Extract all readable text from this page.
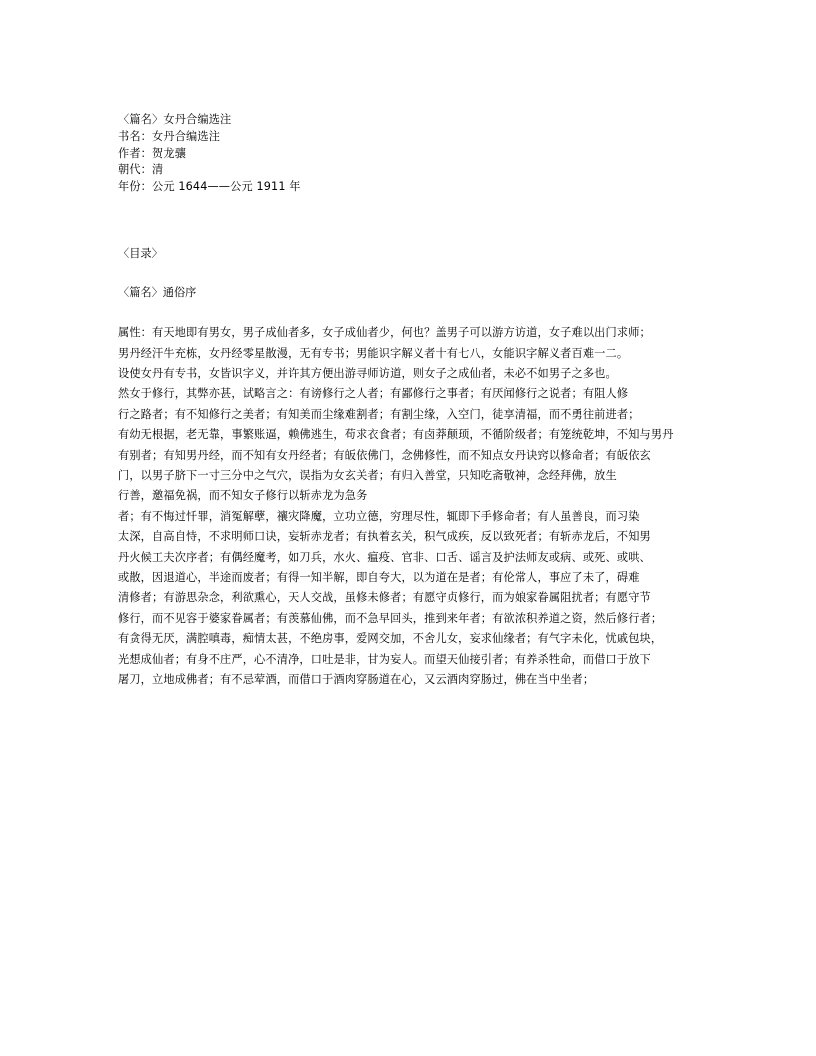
〈篇名〉女丹合编选注
书名：女丹合编选注
作者：贺龙骧
朝代：清
年份：公元 1644——公元 1911 年
〈目录〉
〈篇名〉通俗序
属性：有天地即有男女，男子成仙者多，女子成仙者少，何也？盖男子可以游方访道，女子难以出门求师；
男丹经汗牛充栋，女丹经零星散漫，无有专书；男能识字解义者十有七八，女能识字解义者百难一二。
设使女丹有专书，女皆识字义，并许其方便出游寻师访道，则女子之成仙者，未必不如男子之多也。
然女于修行，其弊亦甚，试略言之：有谤修行之人者；有鄙修行之事者；有厌闻修行之说者；有阻人修
行之路者；有不知修行之美者；有知美而尘缘难割者；有割尘缘，入空门，徒享清福，而不勇往前进者；
有幼无根据，老无靠，事繁账逼，赖佛逃生，苟求衣食者；有卤莽颠顼，不循阶级者；有笼统乾坤，不知与男丹
有别者；有知男丹经，而不知有女丹经者；有皈依佛门，念佛修性，而不知点女丹诀窍以修命者；有皈依玄
门，以男子脐下一寸三分中之气穴，误指为女玄关者；有归入善堂，只知吃斋敬神，念经拜佛，放生
行善，邀福免祸，而不知女子修行以斩赤龙为急务
者；有不悔过忏罪，消冤解孽，禳灾降魔，立功立德，穷理尽性，辄即下手修命者；有人虽善良，而习染
太深，自高自恃，不求明师口诀，妄斩赤龙者；有执着玄关，积气成疾，反以致死者；有斩赤龙后，不知男
丹火候工夫次序者；有偶经魔考，如刀兵，水火、瘟疫、官非、口舌、谣言及护法师友或病、或死、或哄、
或散，因退道心，半途而废者；有得一知半解，即自夸大，以为道在是者；有伦常人，事应了未了，碍难
清修者；有游思杂念，利欲熏心，天人交战，虽修未修者；有愿守贞修行，而为娘家眷属阻扰者；有愿守节
修行，而不见容于婆家眷属者；有羡慕仙佛，而不急早回头，推到来年者；有欲浓积养道之资，然后修行者；
有贪得无厌，满腔嗔毒，痴情太甚，不绝房事，爱网交加，不舍儿女，妄求仙缘者；有气字未化，忧戚包块，
光想成仙者；有身不庄严，心不清净，口吐是非，甘为妄人。而望天仙接引者；有养杀牲命，而借口于放下
屠刀，立地成佛者；有不忌荤酒，而借口于酒肉穿肠道在心，又云酒肉穿肠过，佛在当中坐者；
